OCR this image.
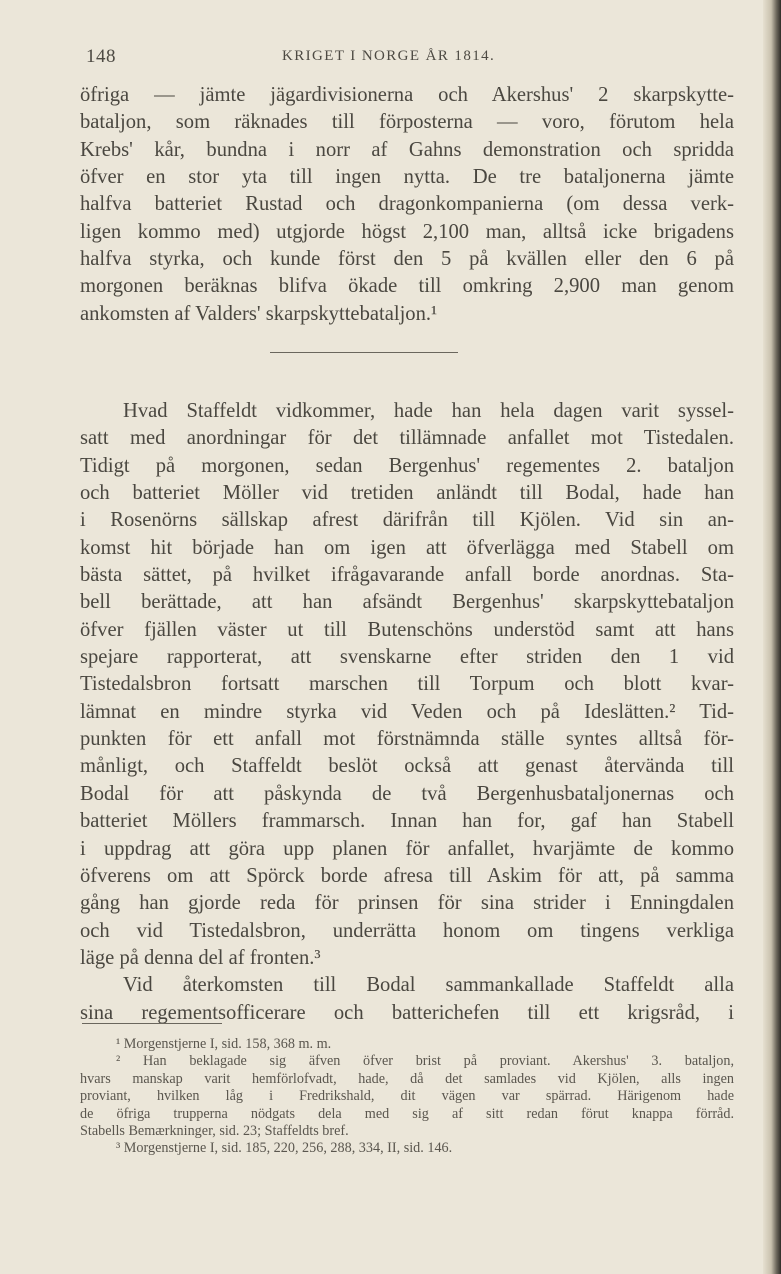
148	KRIGET I NORGE ÅR 1814.
öfriga — jämte jägardivisionerna och Akershus' 2 skarpskytte-
bataljon, som räknades till förposterna — voro, förutom hela
Krebs' kår, bundna i norr af Gahns demonstration och spridda
öfver en stor yta till ingen nytta. De tre bataljonerna jämte
halfva batteriet Rustad och dragonkompanierna (om dessa verk-
ligen kommo med) utgjorde högst 2,100 man, alltså icke brigadens
halfva styrka, och kunde först den 5 på kvällen eller den 6 på
morgonen beräknas blifva ökade till omkring 2,900 man genom
ankomsten af Valders' skarpskyttebataljon.¹
Hvad Staffeldt vidkommer, hade han hela dagen varit syssel-
satt med anordningar för det tillämnade anfallet mot Tistedalen.
Tidigt på morgonen, sedan Bergenhus' regementes 2. bataljon
och batteriet Möller vid tretiden anländt till Bodal, hade han
i Rosenörns sällskap afrest därifrån till Kjölen. Vid sin an-
komst hit började han om igen att öfverlägga med Stabell om
bästa sättet, på hvilket ifrågavarande anfall borde anordnas. Sta-
bell berättade, att han afsändt Bergenhus' skarpskyttebataljon
öfver fjällen väster ut till Butenschöns understöd samt att hans
spejare rapporterat, att svenskarne efter striden den 1 vid
Tistedalsbron fortsatt marschen till Torpum och blott kvar-
lämnat en mindre styrka vid Veden och på Ideslätten.² Tid-
punkten för ett anfall mot förstnämnda ställe syntes alltså för-
månligt, och Staffeldt beslöt också att genast återvända till
Bodal för att påskynda de två Bergenhusbataljonernas och
batteriet Möllers frammarsch. Innan han for, gaf han Stabell
i uppdrag att göra upp planen för anfallet, hvarjämte de kommo
öfverens om att Spörck borde afresa till Askim för att, på samma
gång han gjorde reda för prinsen för sina strider i Enningdalen
och vid Tistedalsbron, underrätta honom om tingens verkliga
läge på denna del af fronten.³
Vid återkomsten till Bodal sammankallade Staffeldt alla
sina regementsofficerare och batterichefen till ett krigsråd, i
¹ Morgenstjerne I, sid. 158, 368 m. m.
² Han beklagade sig äfven öfver brist på proviant. Akershus' 3. bataljon,
hvars manskap varit hemförlofvadt, hade, då det samlades vid Kjölen, alls ingen
proviant, hvilken låg i Fredrikshald, dit vägen var spärrad. Härigenom hade
de öfriga trupperna nödgats dela med sig af sitt redan förut knappa förråd.
Stabells Bemærkninger, sid. 23; Staffeldts bref.
³ Morgenstjerne I, sid. 185, 220, 256, 288, 334, II, sid. 146.
